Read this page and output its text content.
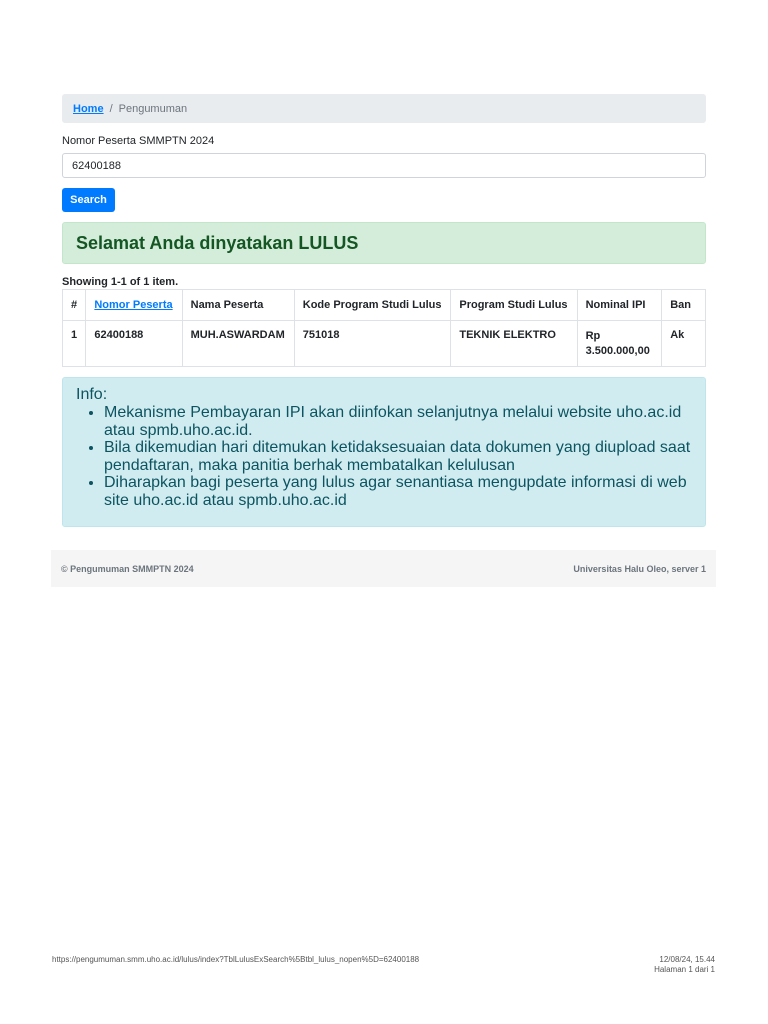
Home / Pengumuman
Nomor Peserta SMMPTN 2024
62400188
Search
Selamat Anda dinyatakan LULUS
Showing 1-1 of 1 item.
#	Nomor Peserta	Nama Peserta	Kode Program Studi Lulus	Program Studi Lulus	Nominal IPI	Ban
1	62400188	MUH.ASWARDAM	751018	TEKNIK ELEKTRO	Rp 3.500.000,00	Ak
Info:
• Mekanisme Pembayaran IPI akan diinfokan selanjutnya melalui website uho.ac.id atau spmb.uho.ac.id.
• Bila dikemudian hari ditemukan ketidaksesuaian data dokumen yang diupload saat pendaftaran, maka panitia berhak membatalkan kelulusan
• Diharapkan bagi peserta yang lulus agar senantiasa mengupdate informasi di web site uho.ac.id atau spmb.uho.ac.id
© Pengumuman SMMPTN 2024	Universitas Halu Oleo, server 1
https://pengumuman.smm.uho.ac.id/lulus/index?TblLulusExSearch%5Btbl_lulus_nopen%5D=62400188	12/08/24, 15.44
Halaman 1 dari 1
